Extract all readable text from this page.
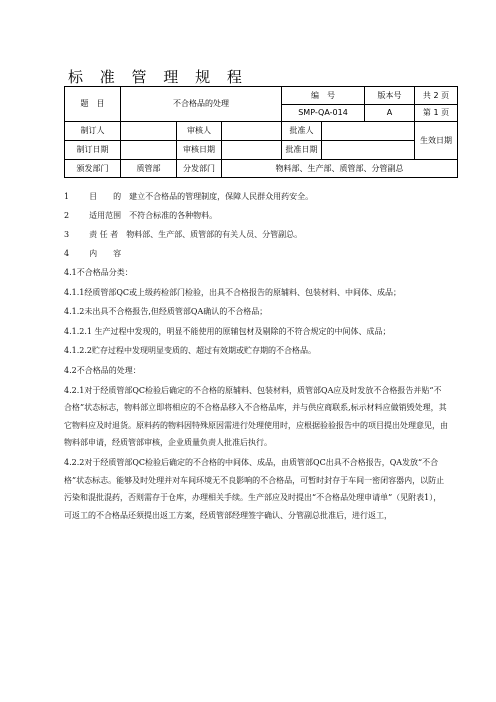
标 准 管 理 规 程
题　目	不合格品的处理			编　号		版本号	共 2 页
				SMP-QA-014		A	第 1 页
制订人		审核人		批准人			生效日期
制订日期		审核日期		批准日期			
颁发部门	质管部	分发部门	物料部、生产部、质管部、分管副总				

1	目　　的 建立不合格品的管理制度，保障人民群众用药安全。

2	适用范围 不符合标准的各种物料。

3	责 任 者 物料部、生产部、质管部的有关人员、分管副总。

4	内　　容

4.1不合格品分类：

4.1.1经质管部QC或上级药检部门检验，出具不合格报告的原辅料、包装材料、中间体、成品；

4.1.2未出具不合格报告,但经质管部QA确认的不合格品；

4.1.2.1 生产过程中发现的，明显不能使用的原辅包材及剔除的不符合规定的中间体、成品；

4.1.2.2贮存过程中发现明显变质的、超过有效期或贮存期的不合格品。

4.2不合格品的处理：

4.2.1对于经质管部QC检验后确定的不合格的原辅料、包装材料，质管部QA应及时发放不合格报告并贴“不合格”状态标志，物料部立即将相应的不合格品移入不合格品库，并与供应商联系,标示材料应做销毁处理，其它物料应及时退货。原料药的物料因特殊原因需进行处理使用时，应根据验验报告中的项目提出处理意见，由物料部申请，经质管部审核，企业质量负责人批准后执行。

4.2.2对于经质管部QC检验后确定的不合格的中间体、成品，由质管部QC出具不合格报告，QA发放“不合格”状态标志。能够及时处理并对车间环境无不良影响的不合格品，可暂时封存于车间一密闭容器内，以防止污染和混批混药，否则需存于仓库，办理相关手续。生产部应及时提出“不合格品处理申请单”（见附表1），可返工的不合格品还须提出返工方案，经质管部经理签字确认、分管副总批准后，进行返工，
